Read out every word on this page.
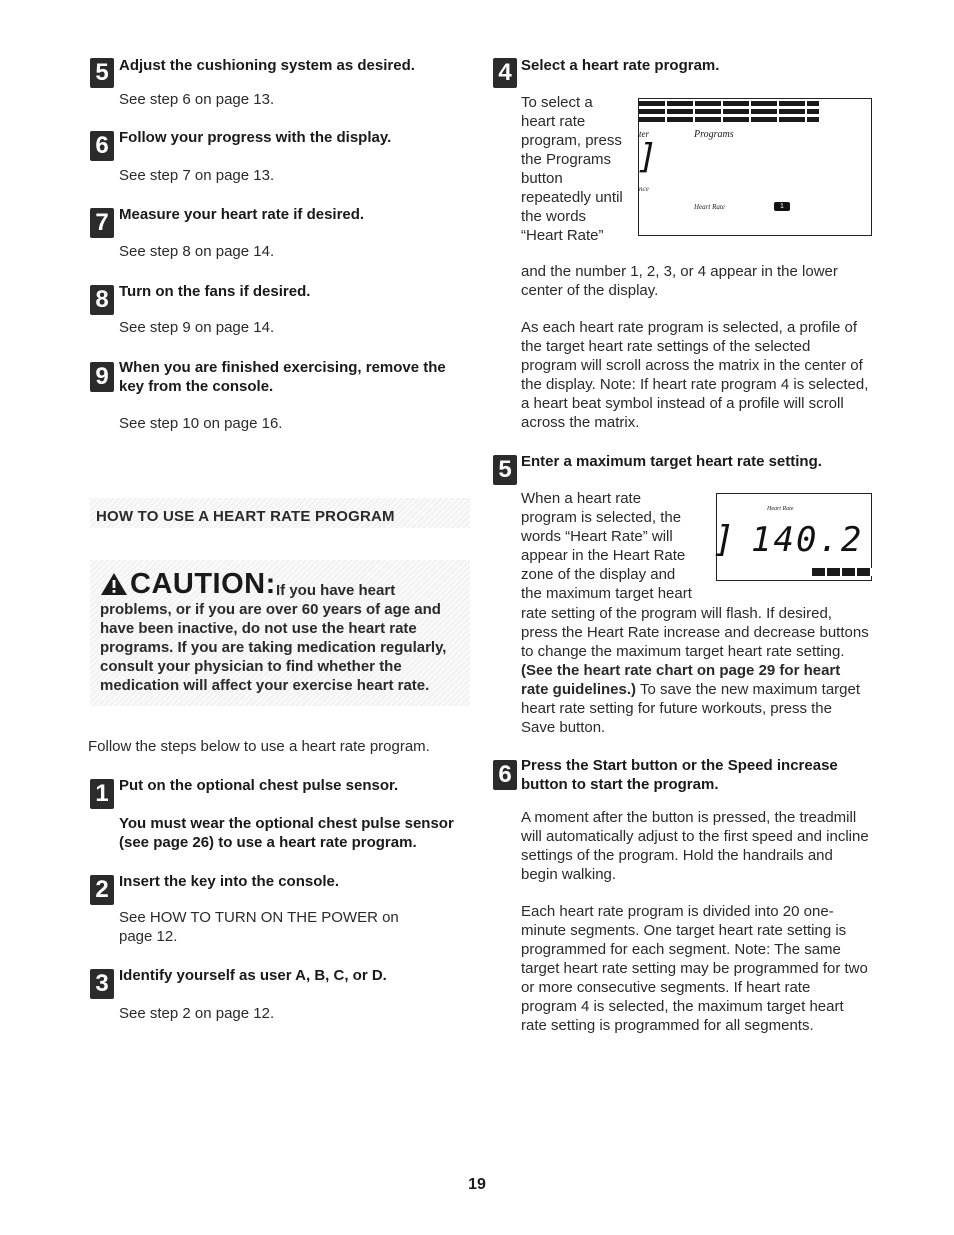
5 Adjust the cushioning system as desired.
See step 6 on page 13.
6 Follow your progress with the display.
See step 7 on page 13.
7 Measure your heart rate if desired.
See step 8 on page 14.
8 Turn on the fans if desired.
See step 9 on page 14.
9 When you are finished exercising, remove the key from the console.
See step 10 on page 16.
HOW TO USE A HEART RATE PROGRAM
CAUTION: If you have heart problems, or if you are over 60 years of age and have been inactive, do not use the heart rate programs. If you are taking medication regularly, consult your physician to find whether the medication will affect your exercise heart rate.
Follow the steps below to use a heart rate program.
1 Put on the optional chest pulse sensor.
You must wear the optional chest pulse sensor (see page 26) to use a heart rate program.
2 Insert the key into the console.
See HOW TO TURN ON THE POWER on page 12.
3 Identify yourself as user A, B, C, or D.
See step 2 on page 12.
4 Select a heart rate program.
To select a heart rate program, press the Programs button repeatedly until the words “Heart Rate”
and the number 1, 2, 3, or 4 appear in the lower center of the display.
As each heart rate program is selected, a profile of the target heart rate settings of the selected program will scroll across the matrix in the center of the display. Note: If heart rate program 4 is selected, a heart beat symbol instead of a profile will scroll across the matrix.
ter	Programs
]
nce
Heart Rate	1
5 Enter a maximum target heart rate setting.
When a heart rate program is selected, the words “Heart Rate” will appear in the Heart Rate zone of the display and the maximum target heart
rate setting of the program will flash. If desired, press the Heart Rate increase and decrease buttons to change the maximum target heart rate setting. (See the heart rate chart on page 29 for heart rate guidelines.) To save the new maximum target heart rate setting for future workouts, press the Save button.
Heart Rate
] 140.2
6 Press the Start button or the Speed increase button to start the program.
A moment after the button is pressed, the treadmill will automatically adjust to the first speed and incline settings of the program. Hold the handrails and begin walking.
Each heart rate program is divided into 20 one-minute segments. One target heart rate setting is programmed for each segment. Note: The same target heart rate setting may be programmed for two or more consecutive segments. If heart rate program 4 is selected, the maximum target heart rate setting is programmed for all segments.
19
